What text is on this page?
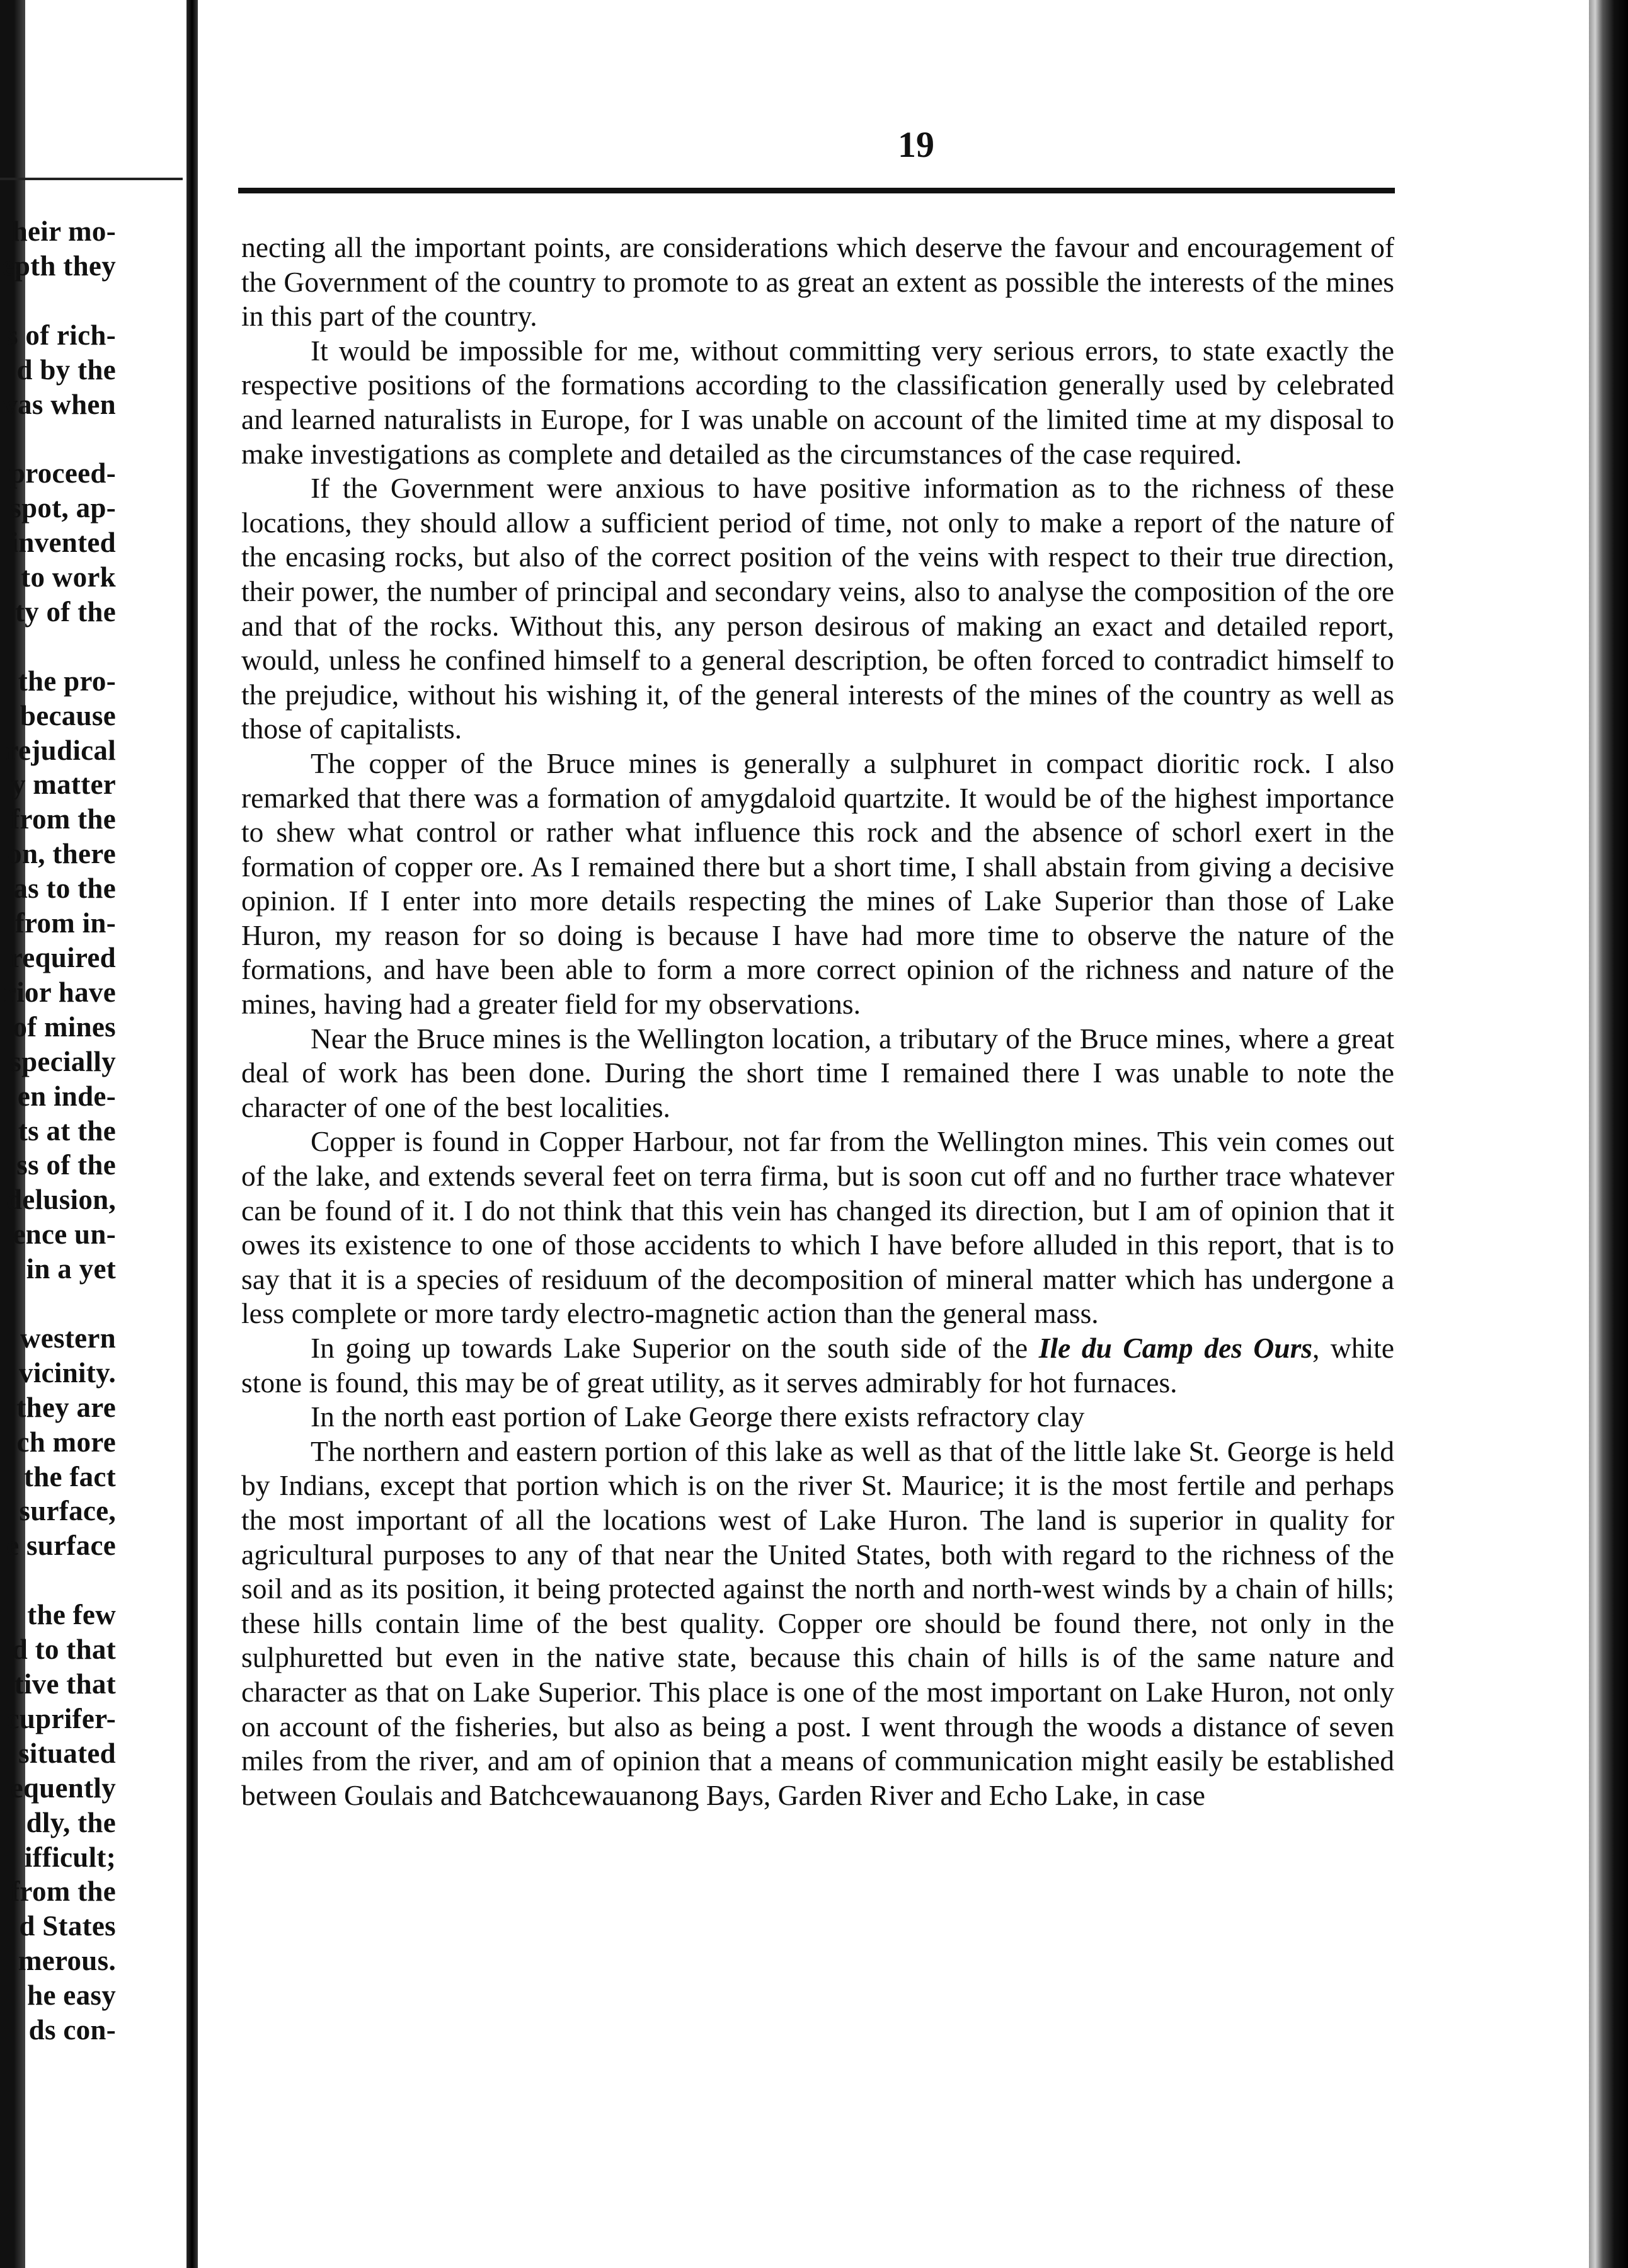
heir mo-
epth they
s of rich-
d by the
vas when
proceed-
spot, ap-
invented
to work
ty of the
the pro-
because
rejudical
y matter
from the
on, there
as to the
from in-
required
rior have
of mines
specially
en inde-
ts at the
ss of the
delusion,
ence un-
in a yet
western
vicinity.
they are
ch more
the fact
surface,
e surface
the few
d to that
tive that
cuprifer-
situated
equently
dly, the
ifficult;
from the
d States
merous.
he easy
ds con-
19

necting all the important points, are considerations which deserve the favour and encouragement of the Government of the country to promote to as great an extent as possible the interests of the mines in this part of the country.

It would be impossible for me, without committing very serious errors, to state exactly the respective positions of the formations according to the classification generally used by celebrated and learned naturalists in Europe, for I was unable on account of the limited time at my disposal to make investigations as complete and detailed as the circumstances of the case required.

If the Government were anxious to have positive information as to the richness of these locations, they should allow a sufficient period of time, not only to make a report of the nature of the encasing rocks, but also of the correct position of the veins with respect to their true direction, their power, the number of principal and secondary veins, also to analyse the composition of the ore and that of the rocks. Without this, any person desirous of making an exact and detailed report, would, unless he confined himself to a general description, be often forced to contradict himself to the prejudice, without his wishing it, of the general interests of the mines of the country as well as those of capitalists.

The copper of the Bruce mines is generally a sulphuret in compact dioritic rock. I also remarked that there was a formation of amygdaloid quartzite. It would be of the highest importance to shew what control or rather what influence this rock and the absence of schorl exert in the formation of copper ore. As I remained there but a short time, I shall abstain from giving a decisive opinion. If I enter into more details respecting the mines of Lake Superior than those of Lake Huron, my reason for so doing is because I have had more time to observe the nature of the formations, and have been able to form a more correct opinion of the richness and nature of the mines, having had a greater field for my observations.

Near the Bruce mines is the Wellington location, a tributary of the Bruce mines, where a great deal of work has been done. During the short time I remained there I was unable to note the character of one of the best localities.

Copper is found in Copper Harbour, not far from the Wellington mines. This vein comes out of the lake, and extends several feet on terra firma, but is soon cut off and no further trace whatever can be found of it. I do not think that this vein has changed its direction, but I am of opinion that it owes its existence to one of those accidents to which I have before alluded in this report, that is to say that it is a species of residuum of the decomposition of mineral matter which has undergone a less complete or more tardy electro-magnetic action than the general mass.

In going up towards Lake Superior on the south side of the Ile du Camp des Ours, white stone is found, this may be of great utility, as it serves admirably for hot furnaces.

In the north east portion of Lake George there exists refractory clay

The northern and eastern portion of this lake as well as that of the little lake St. George is held by Indians, except that portion which is on the river St. Maurice; it is the most fertile and perhaps the most important of all the locations west of Lake Huron. The land is superior in quality for agricultural purposes to any of that near the United States, both with regard to the richness of the soil and as its position, it being protected against the north and north-west winds by a chain of hills; these hills contain lime of the best quality. Copper ore should be found there, not only in the sulphuretted but even in the native state, because this chain of hills is of the same nature and character as that on Lake Superior. This place is one of the most important on Lake Huron, not only on account of the fisheries, but also as being a post. I went through the woods a distance of seven miles from the river, and am of opinion that a means of communication might easily be established between Goulais and Batchcewauanong Bays, Garden River and Echo Lake, in case
